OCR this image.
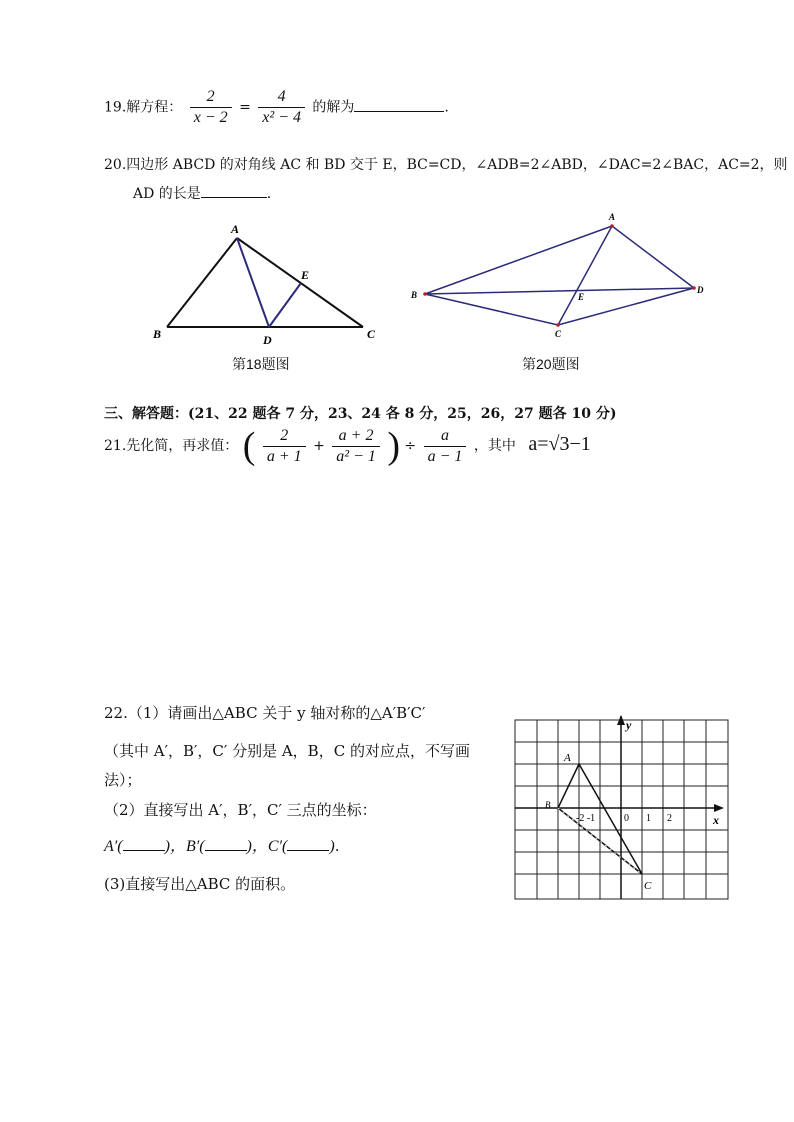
19.解方程： $\frac{2}{x - 2} = \frac{4}{\text{x² − 4}}$ 的解为	.
20.四边形 ABCD 的对角线 AC 和 BD 交于 E，BC=CD，∠ADB=2∠ABD，∠DAC=2∠BAC，AC=2，则
AD 的长是	.
A
B	C
D
E
第18题图
A
B
C
D
E
第20题图
三、解答题：(21、22 题各 7 分，23、24 各 8 分，25，26，27 题各 10 分)
21.先化简，再求值： ( $\frac{2}{a + 1} + \frac{a + 2}{\text{a² − 1}}$ ) ÷ $\frac{a}{a - 1}$ ，其中 a=√3−1
22.（1）请画出△ABC 关于 y 轴对称的△A′B′C′
（其中 A′，B′，C′ 分别是 A，B，C 的对应点，不写画
法）；
（2）直接写出 A′，B′，C′ 三点的坐标：
A′(	)，B′(	)，C′(	).
(3)直接写出△ABC 的面积。
y
x
0
-2 -1	1 2
A
B
C
